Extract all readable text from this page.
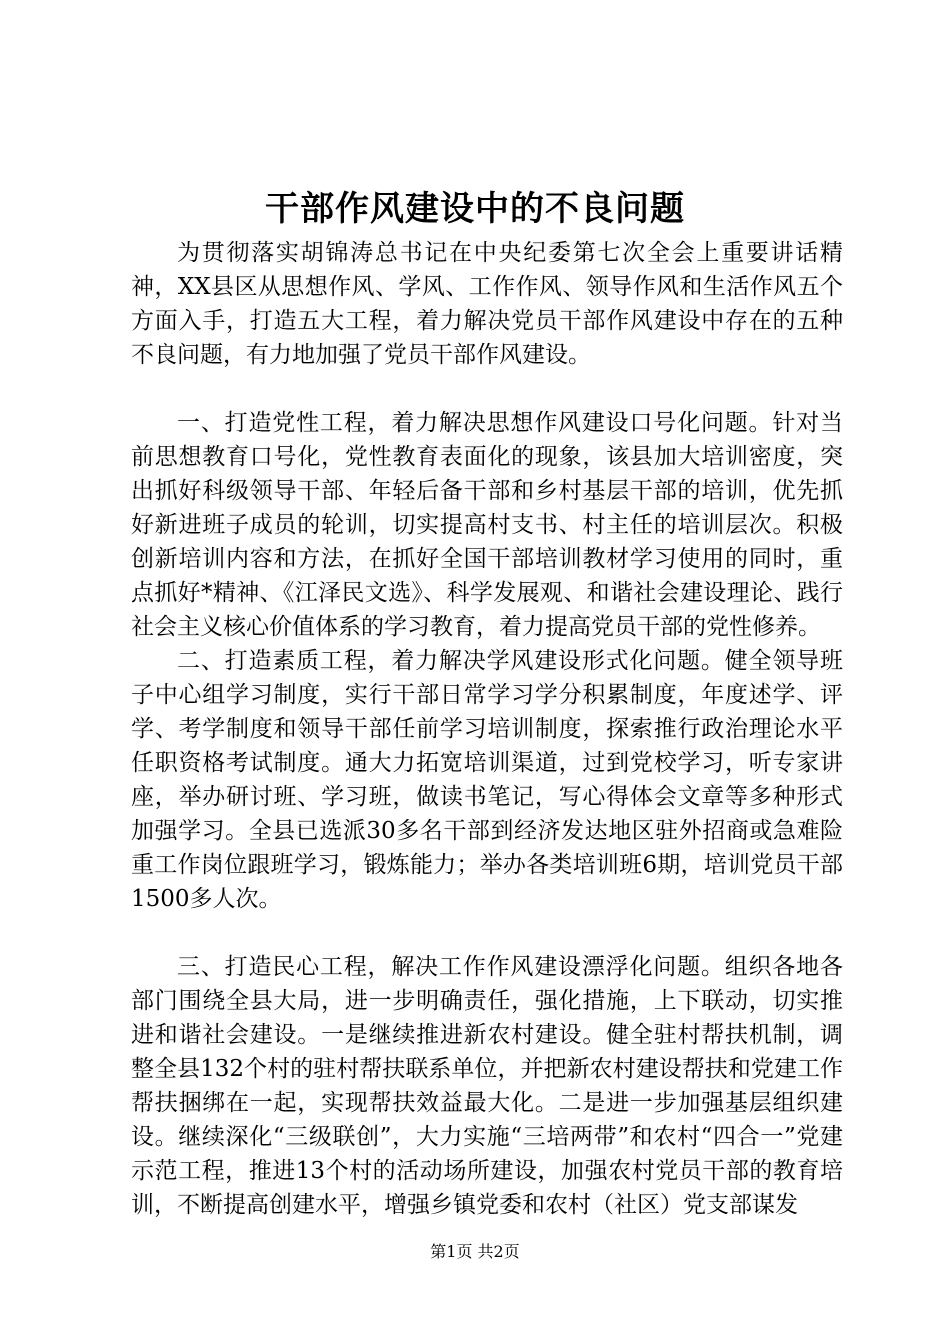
干部作风建设中的不良问题

为贯彻落实胡锦涛总书记在中央纪委第七次全会上重要讲话精神，XX县区从思想作风、学风、工作作风、领导作风和生活作风五个方面入手，打造五大工程，着力解决党员干部作风建设中存在的五种不良问题，有力地加强了党员干部作风建设。

一、打造党性工程，着力解决思想作风建设口号化问题。针对当前思想教育口号化，党性教育表面化的现象，该县加大培训密度，突出抓好科级领导干部、年轻后备干部和乡村基层干部的培训，优先抓好新进班子成员的轮训，切实提高村支书、村主任的培训层次。积极创新培训内容和方法，在抓好全国干部培训教材学习使用的同时，重点抓好*精神、《江泽民文选》、科学发展观、和谐社会建设理论、践行社会主义核心价值体系的学习教育，着力提高党员干部的党性修养。

二、打造素质工程，着力解决学风建设形式化问题。健全领导班子中心组学习制度，实行干部日常学习学分积累制度，年度述学、评学、考学制度和领导干部任前学习培训制度，探索推行政治理论水平任职资格考试制度。通大力拓宽培训渠道，过到党校学习，听专家讲座，举办研讨班、学习班，做读书笔记，写心得体会文章等多种形式加强学习。全县已选派30多名干部到经济发达地区驻外招商或急难险重工作岗位跟班学习，锻炼能力；举办各类培训班6期，培训党员干部1500多人次。

三、打造民心工程，解决工作作风建设漂浮化问题。组织各地各部门围绕全县大局，进一步明确责任，强化措施，上下联动，切实推进和谐社会建设。一是继续推进新农村建设。健全驻村帮扶机制，调整全县132个村的驻村帮扶联系单位，并把新农村建设帮扶和党建工作帮扶捆绑在一起，实现帮扶效益最大化。二是进一步加强基层组织建设。继续深化“三级联创”，大力实施“三培两带”和农村“四合一”党建示范工程，推进13个村的活动场所建设，加强农村党员干部的教育培训，不断提高创建水平，增强乡镇党委和农村（社区）党支部谋发

第1页 共2页
